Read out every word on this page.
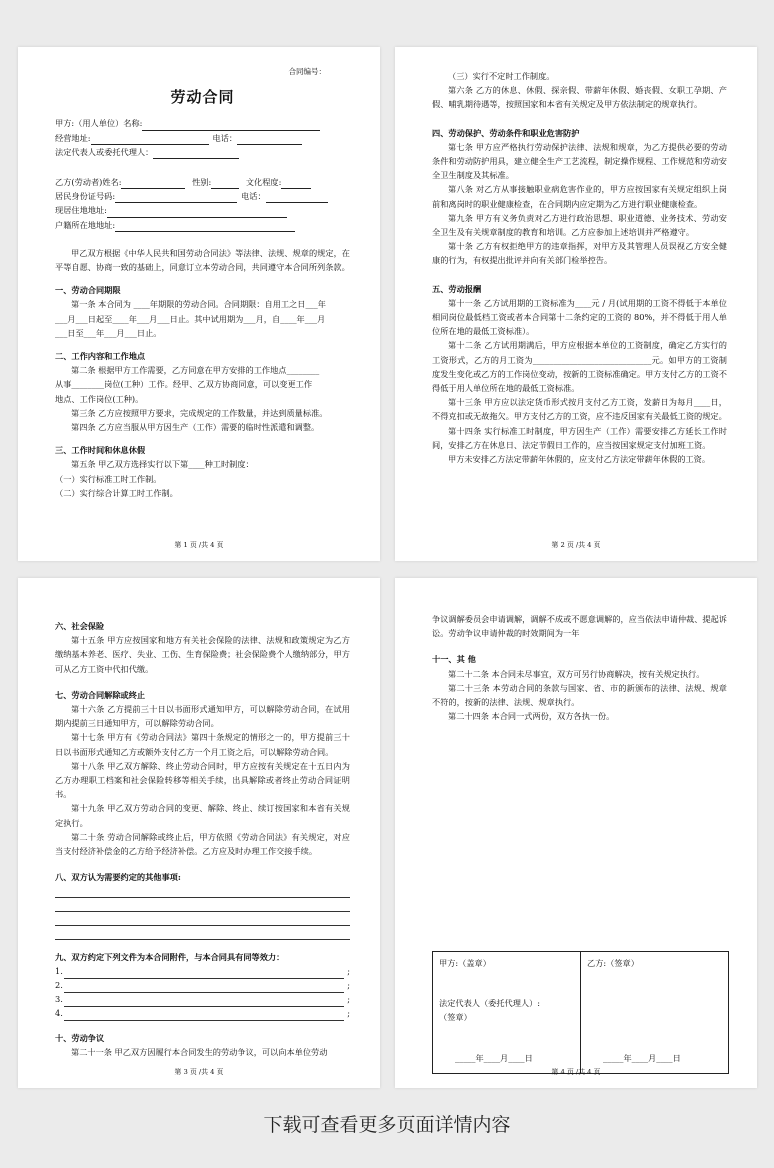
合同编号：
劳动合同
甲方:（用人单位）名称:
经营地址:	电话：
法定代表人或委托代理人：
乙方(劳动者)姓名:	性别:	文化程度:
居民身份证号码:	电话：
现居住地地址:
户籍所在地地址:
甲乙双方根据《中华人民共和国劳动合同法》等法律、法规、规章的规定，在平等自愿、协商一致的基础上，同意订立本劳动合同，共同遵守本合同所列条款。
一、劳动合同期限
第一条 本合同为 ____年期限的劳动合同。合同期限：自用工之日___年
___月___日起至____年___月___日止。其中试用期为___月，自____年___月
___日至___年___月___日止。
二、工作内容和工作地点
第二条 根据甲方工作需要，乙方同意在甲方安排的工作地点________
从事________岗位(工种）工作。经甲、乙双方协商同意，可以变更工作
地点、工作岗位(工种)。
第三条 乙方应按照甲方要求，完成规定的工作数量，并达到质量标准。
第四条 乙方应当服从甲方因生产（工作）需要的临时性派遣和调整。
三、工作时间和休息休假
第五条 甲乙双方选择实行以下第____种工时制度：
（一）实行标准工时工作制。
（二）实行综合计算工时工作制。
第 1 页 /共 4 页
（三）实行不定时工作制度。
第六条 乙方的休息、休假、探亲假、带薪年休假、婚丧假、女职工孕期、产假、哺乳期待遇等，按照国家和本省有关规定及甲方依法制定的规章执行。
四、劳动保护、劳动条件和职业危害防护
第七条 甲方应严格执行劳动保护法律、法规和规章，为乙方提供必要的劳动条件和劳动防护用具，建立健全生产工艺流程，制定操作规程、工作规范和劳动安全卫生制度及其标准。
第八条 对乙方从事接触职业病危害作业的，甲方应按国家有关规定组织上岗前和离岗时的职业健康检查，在合同期内应定期为乙方进行职业健康检查。
第九条 甲方有义务负责对乙方进行政治思想、职业道德、业务技术、劳动安全卫生及有关规章制度的教育和培训。乙方应参加上述培训并严格遵守。
第十条 乙方有权拒绝甲方的违章指挥，对甲方及其管理人员误视乙方安全健康的行为，有权提出批评并向有关部门检举控告。
五、劳动报酬
第十一条 乙方试用期的工资标准为____元 / 月(试用期的工资不得低于本单位相同岗位最低档工资或者本合同第十二条约定的工资的 80%，并不得低于用人单位所在地的最低工资标准）。
第十二条 乙方试用期满后，甲方应根据本单位的工资制度，确定乙方实行的工资形式，乙方的月工资为_____________________________元。如甲方的工资制度发生变化或乙方的工作岗位变动，按新的工资标准确定。甲方支付乙方的工资不得低于用人单位所在地的最低工资标准。
第十三条 甲方应以法定货币形式按月支付乙方工资，发薪日为每月____日，不得克扣或无故拖欠。甲方支付乙方的工资，应不违反国家有关最低工资的规定。
第十四条 实行标准工时制度，甲方因生产（工作）需要安排乙方延长工作时间，安排乙方在休息日、法定节假日工作的，应当按国家规定支付加班工资。
甲方未安排乙方法定带薪年休假的，应支付乙方法定带薪年休假的工资。
第 2 页 /共 4 页
六、社会保险
第十五条 甲方应按国家和地方有关社会保险的法律、法规和政策规定为乙方缴纳基本养老、医疗、失业、工伤、生育保险费；社会保险费个人缴纳部分，甲方可从乙方工资中代扣代缴。
七、劳动合同解除或终止
第十六条 乙方提前三十日以书面形式通知甲方，可以解除劳动合同，在试用期内提前三日通知甲方，可以解除劳动合同。
第十七条 甲方有《劳动合同法》第四十条规定的情形之一的，甲方提前三十日以书面形式通知乙方或额外支付乙方一个月工资之后，可以解除劳动合同。
第十八条 甲乙双方解除、终止劳动合同时，甲方应按有关规定在十五日内为乙方办理职工档案和社会保险转移等相关手续，出具解除或者终止劳动合同证明书。
第十九条 甲乙双方劳动合同的变更、解除、终止、续订按国家和本省有关规定执行。
第二十条 劳动合同解除或终止后，甲方依照《劳动合同法》有关规定，对应当支付经济补偿金的乙方给予经济补偿。乙方应及时办理工作交接手续。
八、双方认为需要约定的其他事项:
九、双方约定下列文件为本合同附件，与本合同具有同等效力：
1.	;
2.	;
3.	;
4.	;
十、劳动争议
第二十一条 甲乙双方因履行本合同发生的劳动争议，可以向本单位劳动
第 3 页 /共 4 页
争议调解委员会申请调解，调解不成或不愿意调解的，应当依法申请仲裁、提起诉讼。劳动争议申请仲裁的时效期间为一年
十一、其 他
第二十二条 本合同未尽事宜，双方可另行协商解决，按有关规定执行。
第二十三条 本劳动合同的条款与国家、省、市的新颁布的法律、法规、规章不符的，按新的法律、法规、规章执行。
第二十四条 本合同一式两份，双方各执一份。
甲方:（盖章）
法定代表人（委托代理人）:
（签章）
_____年____月____日
乙方:（签章）
_____年____月____日
第 4 页 /共 4 页
下载可查看更多页面详情内容
